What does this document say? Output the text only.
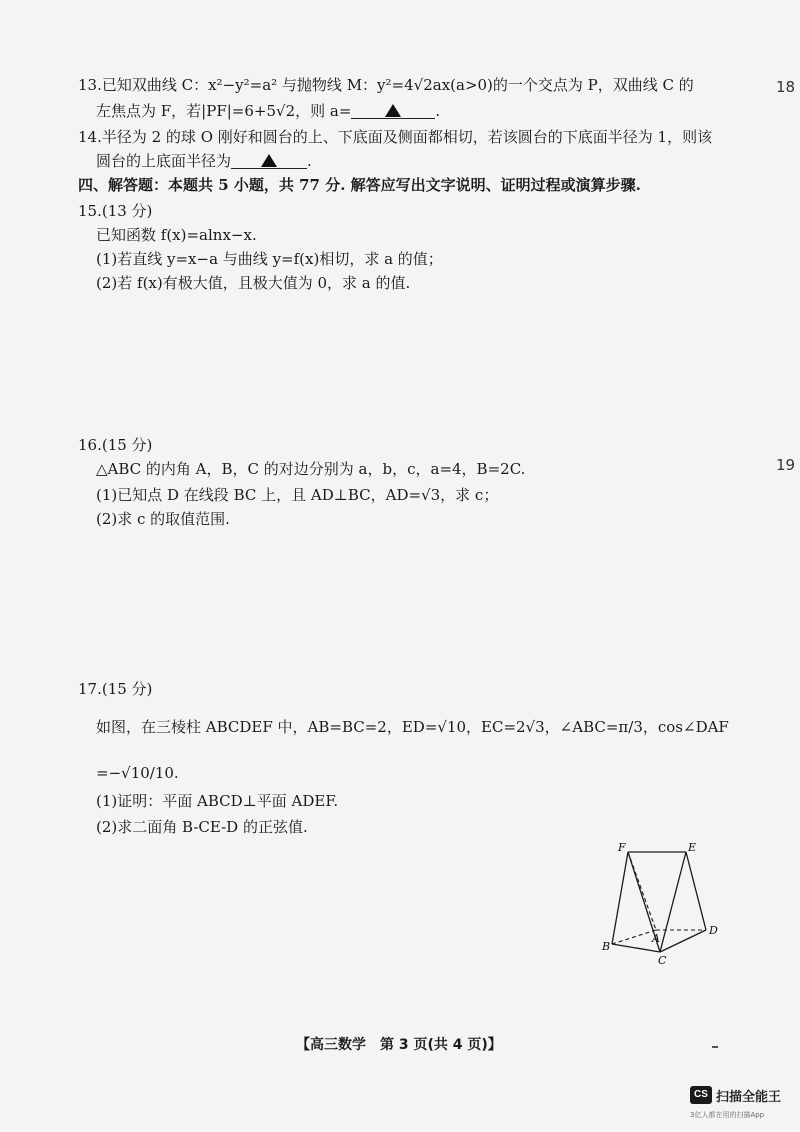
18
19
13.已知双曲线 C：x²−y²=a² 与抛物线 M：y²=4√2ax(a>0)的一个交点为 P，双曲线 C 的
左焦点为 F，若|PF|=6+5√2，则 a=	.
14.半径为 2 的球 O 刚好和圆台的上、下底面及侧面都相切，若该圆台的下底面半径为 1，则该
圆台的上底面半径为	.
四、解答题：本题共 5 小题，共 77 分. 解答应写出文字说明、证明过程或演算步骤.
15.(13 分)
已知函数 f(x)=alnx−x.
(1)若直线 y=x−a 与曲线 y=f(x)相切，求 a 的值；
(2)若 f(x)有极大值，且极大值为 0，求 a 的值.
16.(15 分)
△ABC 的内角 A，B，C 的对边分别为 a，b，c，a=4，B=2C.
(1)已知点 D 在线段 BC 上，且 AD⊥BC，AD=√3，求 c；
(2)求 c 的取值范围.
17.(15 分)
如图，在三棱柱 ABCDEF 中，AB=BC=2，ED=√10，EC=2√3，∠ABC=π/3，cos∠DAF
=−√10/10.
(1)证明：平面 ABCD⊥平面 ADEF.
(2)求二面角 B-CE-D 的正弦值.
F	E
A
D
B
C
【高三数学　第 3 页(共 4 页)】
CS 扫描全能王
3亿人都在用的扫描App
